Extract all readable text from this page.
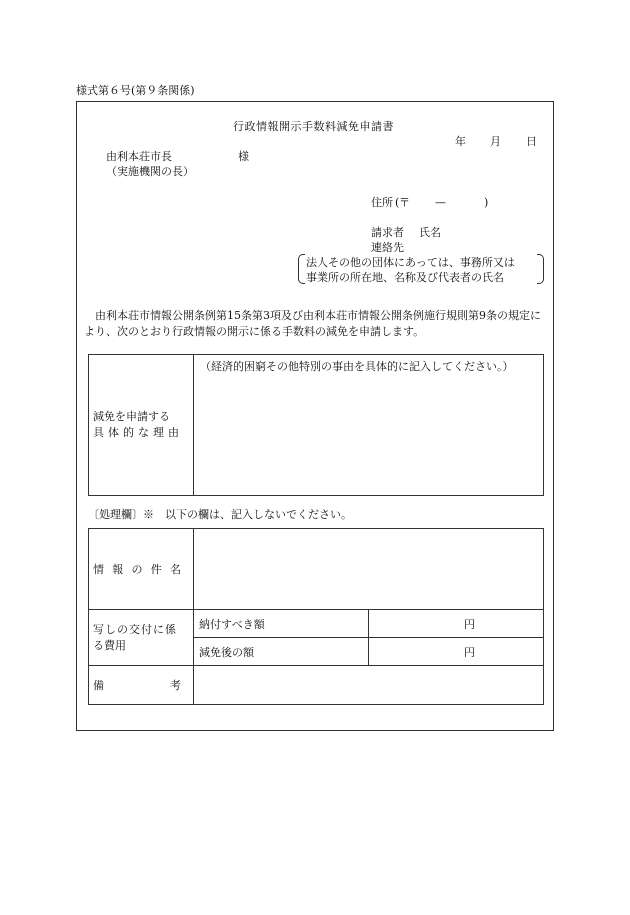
様式第６号(第９条関係)
行政情報開示手数料減免申請書
年 月 日
由利本荘市長	様
（実施機関の長）
住所 ( 〒 —	)
請求者 氏名
連絡先
法人その他の団体にあっては、事務所又は
事業所の所在地、名称及び代表者の氏名
由利本荘市情報公開条例第15条第3項及び由利本荘市情報公開条例施行規則第9条の規定により、次のとおり行政情報の開示に係る手数料の減免を申請します。
減免を申請する
具体的な理由
	（経済的困窮その他特別の事由を具体的に記入してください。）
〔処理欄〕※　以下の欄は、記入しないでください。
情 報 の 件 名		

写しの交付に係
る費用	納付すべき額	円
	減免後の額	円

備 考		
